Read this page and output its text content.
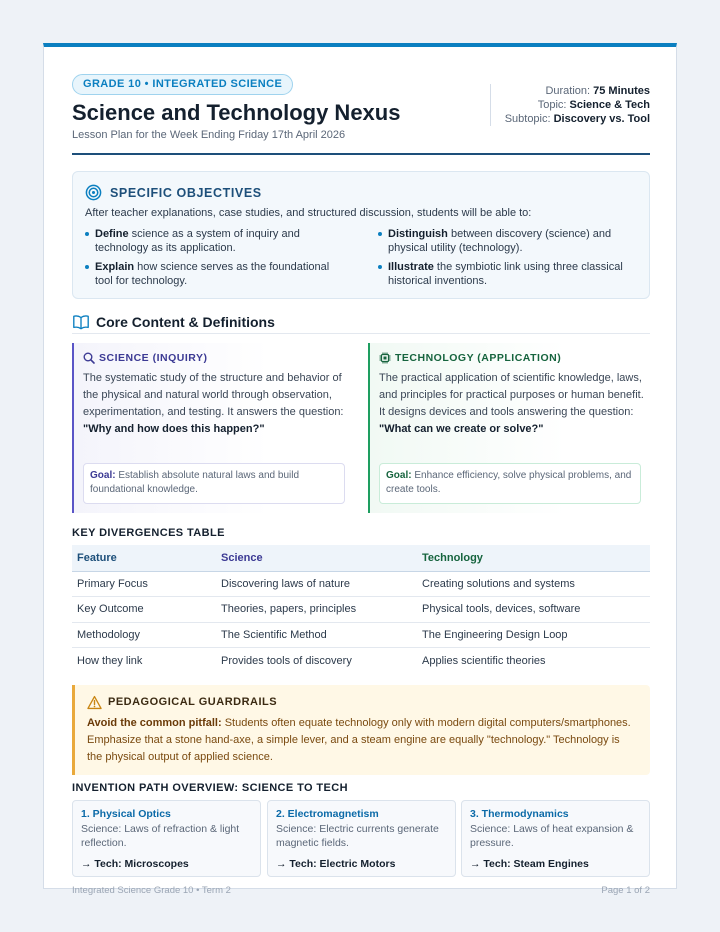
GRADE 10 • INTEGRATED SCIENCE
Science and Technology Nexus
Lesson Plan for the Week Ending Friday 17th April 2026
Duration: 75 Minutes
Topic: Science & Tech
Subtopic: Discovery vs. Tool
SPECIFIC OBJECTIVES
After teacher explanations, case studies, and structured discussion, students will be able to:
Define science as a system of inquiry and technology as its application.
Distinguish between discovery (science) and physical utility (technology).
Explain how science serves as the foundational tool for technology.
Illustrate the symbiotic link using three classical historical inventions.
Core Content & Definitions
SCIENCE (INQUIRY)
The systematic study of the structure and behavior of the physical and natural world through observation, experimentation, and testing. It answers the question: "Why and how does this happen?"
Goal: Establish absolute natural laws and build foundational knowledge.
TECHNOLOGY (APPLICATION)
The practical application of scientific knowledge, laws, and principles for practical purposes or human benefit. It designs devices and tools answering the question: "What can we create or solve?"
Goal: Enhance efficiency, solve physical problems, and create tools.
KEY DIVERGENCES TABLE
Feature	Science	Technology
Primary Focus	Discovering laws of nature	Creating solutions and systems
Key Outcome	Theories, papers, principles	Physical tools, devices, software
Methodology	The Scientific Method	The Engineering Design Loop
How they link	Provides tools of discovery	Applies scientific theories
PEDAGOGICAL GUARDRAILS
Avoid the common pitfall: Students often equate technology only with modern digital computers/smartphones. Emphasize that a stone hand-axe, a simple lever, and a steam engine are equally "technology." Technology is the physical output of applied science.
INVENTION PATH OVERVIEW: SCIENCE TO TECH
1. Physical Optics
Science: Laws of refraction & light reflection.
→ Tech: Microscopes
2. Electromagnetism
Science: Electric currents generate magnetic fields.
→ Tech: Electric Motors
3. Thermodynamics
Science: Laws of heat expansion & pressure.
→ Tech: Steam Engines
Integrated Science Grade 10 • Term 2	Page 1 of 2
